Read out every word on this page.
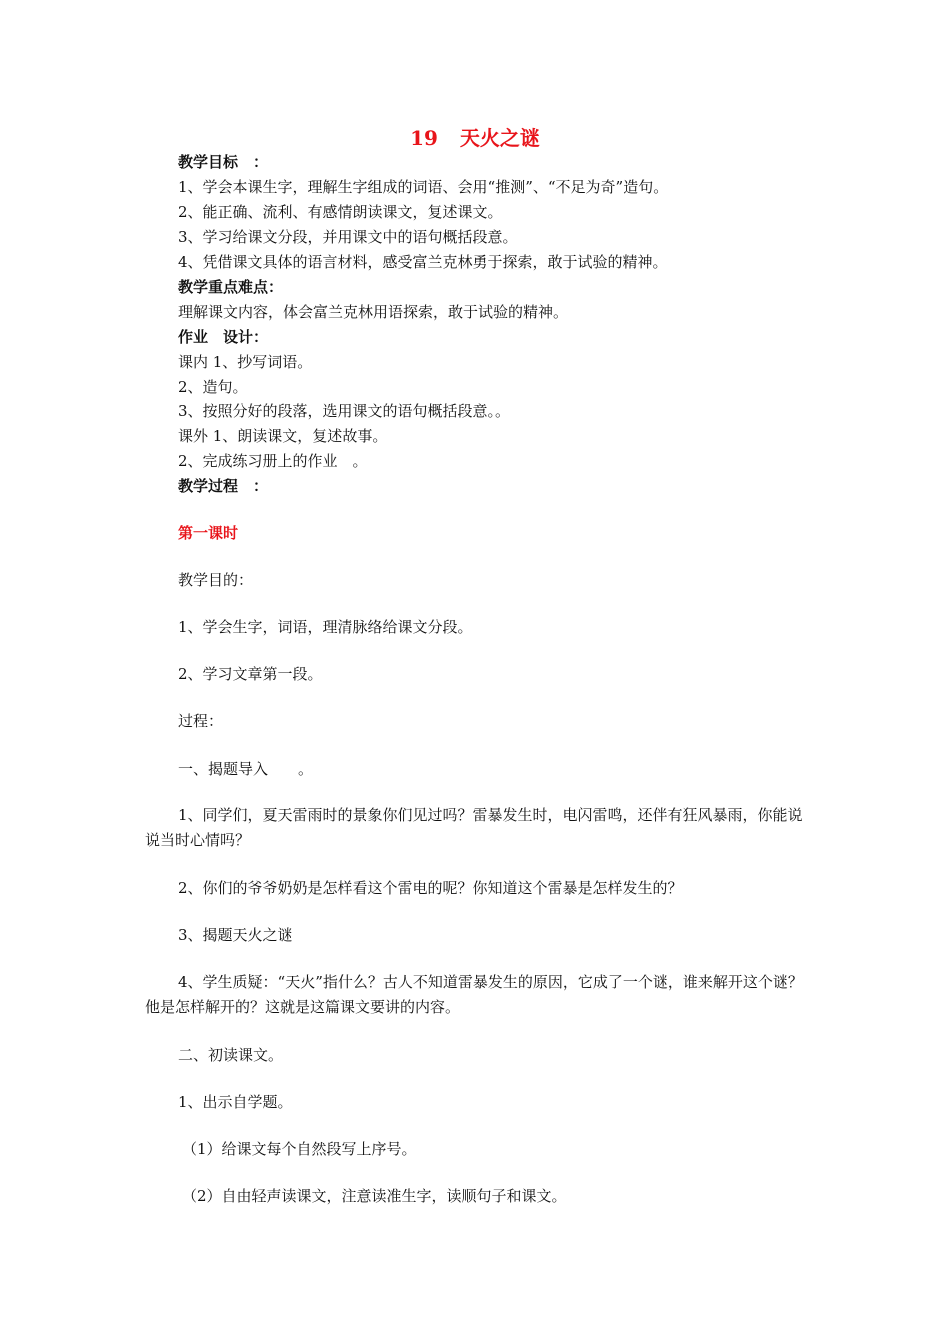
19 天火之谜
教学目标　：
1、学会本课生字，理解生字组成的词语、会用“推测”、“不足为奇”造句。
2、能正确、流利、有感情朗读课文，复述课文。
3、学习给课文分段，并用课文中的语句概括段意。
4、凭借课文具体的语言材料，感受富兰克林勇于探索，敢于试验的精神。
教学重点难点：
理解课文内容，体会富兰克林用语探索，敢于试验的精神。
作业　设计：
课内 1、抄写词语。
2、造句。
3、按照分好的段落，选用课文的语句概括段意。。
课外 1、朗读课文，复述故事。
2、完成练习册上的作业　。
教学过程　：
第一课时
教学目的：
1、学会生字，词语，理清脉络给课文分段。
2、学习文章第一段。
过程：
一、揭题导入　　。
1、同学们，夏天雷雨时的景象你们见过吗？雷暴发生时，电闪雷鸣，还伴有狂风暴雨，你能说说当时心情吗？
2、你们的爷爷奶奶是怎样看这个雷电的呢？你知道这个雷暴是怎样发生的？
3、揭题天火之谜
4、学生质疑：“天火”指什么？古人不知道雷暴发生的原因，它成了一个谜，谁来解开这个谜？他是怎样解开的？这就是这篇课文要讲的内容。
二、初读课文。
1、出示自学题。
（1）给课文每个自然段写上序号。
（2）自由轻声读课文，注意读准生字，读顺句子和课文。
